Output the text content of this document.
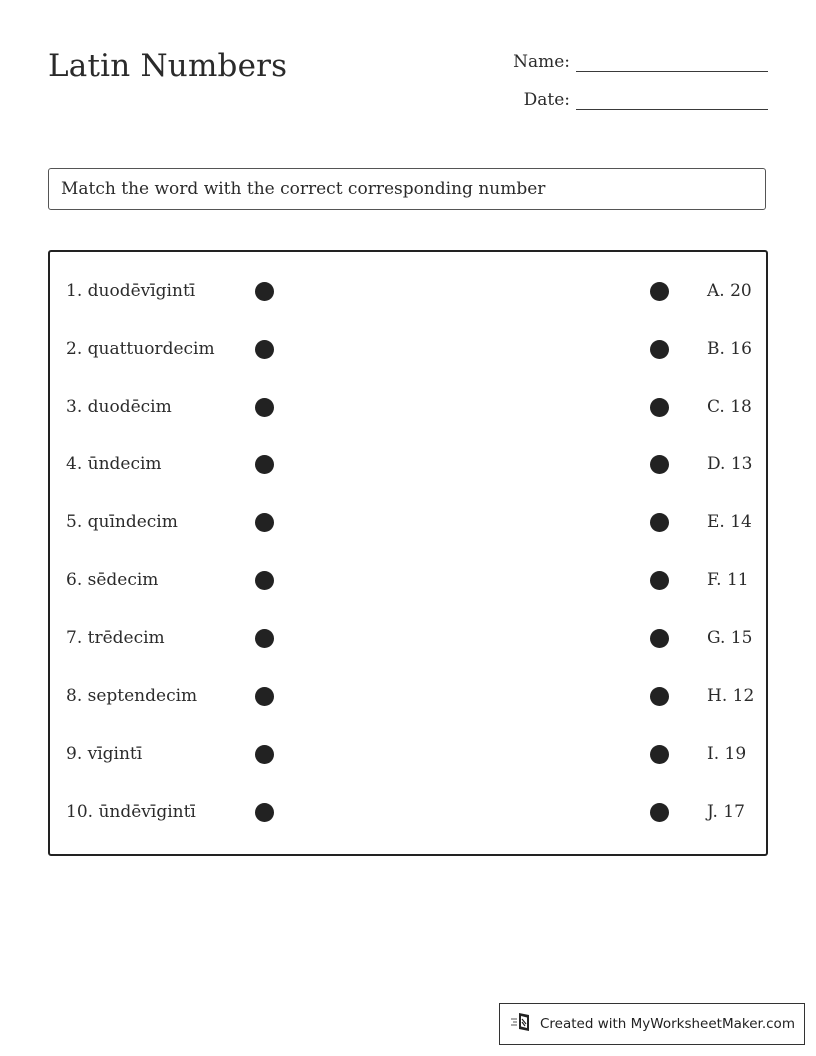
Latin Numbers	Name:
Date:
Match the word with the correct corresponding number
1. duodēvīgintī	A. 20
2. quattuordecim	B. 16
3. duodēcim	C. 18
4. ūndecim	D. 13
5. quīndecim	E. 14
6. sēdecim	F. 11
7. trēdecim	G. 15
8. septendecim	H. 12
9. vīgintī	I. 19
10. ūndēvīgintī	J. 17
Created with MyWorksheetMaker.com
